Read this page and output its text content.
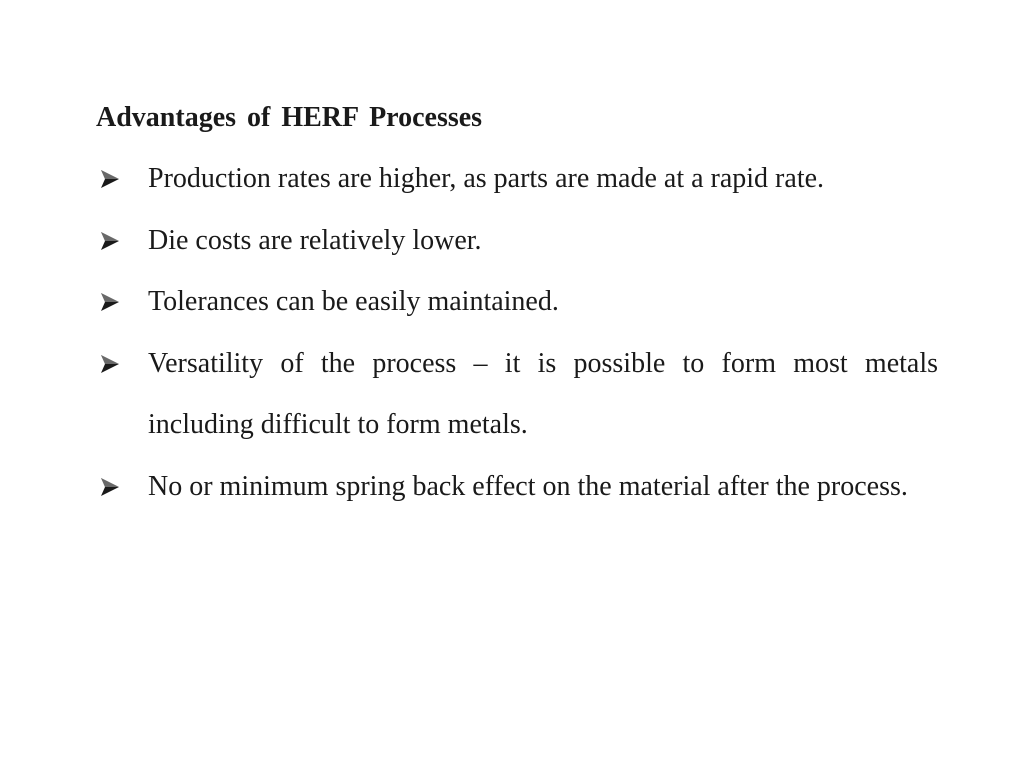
Advantages of HERF Processes
Production rates are higher, as parts are made at a rapid rate.
Die costs are relatively lower.
Tolerances can be easily maintained.
Versatility of the process – it is possible to form most metals including difficult to form metals.
No or minimum spring back effect on the material after the process.
